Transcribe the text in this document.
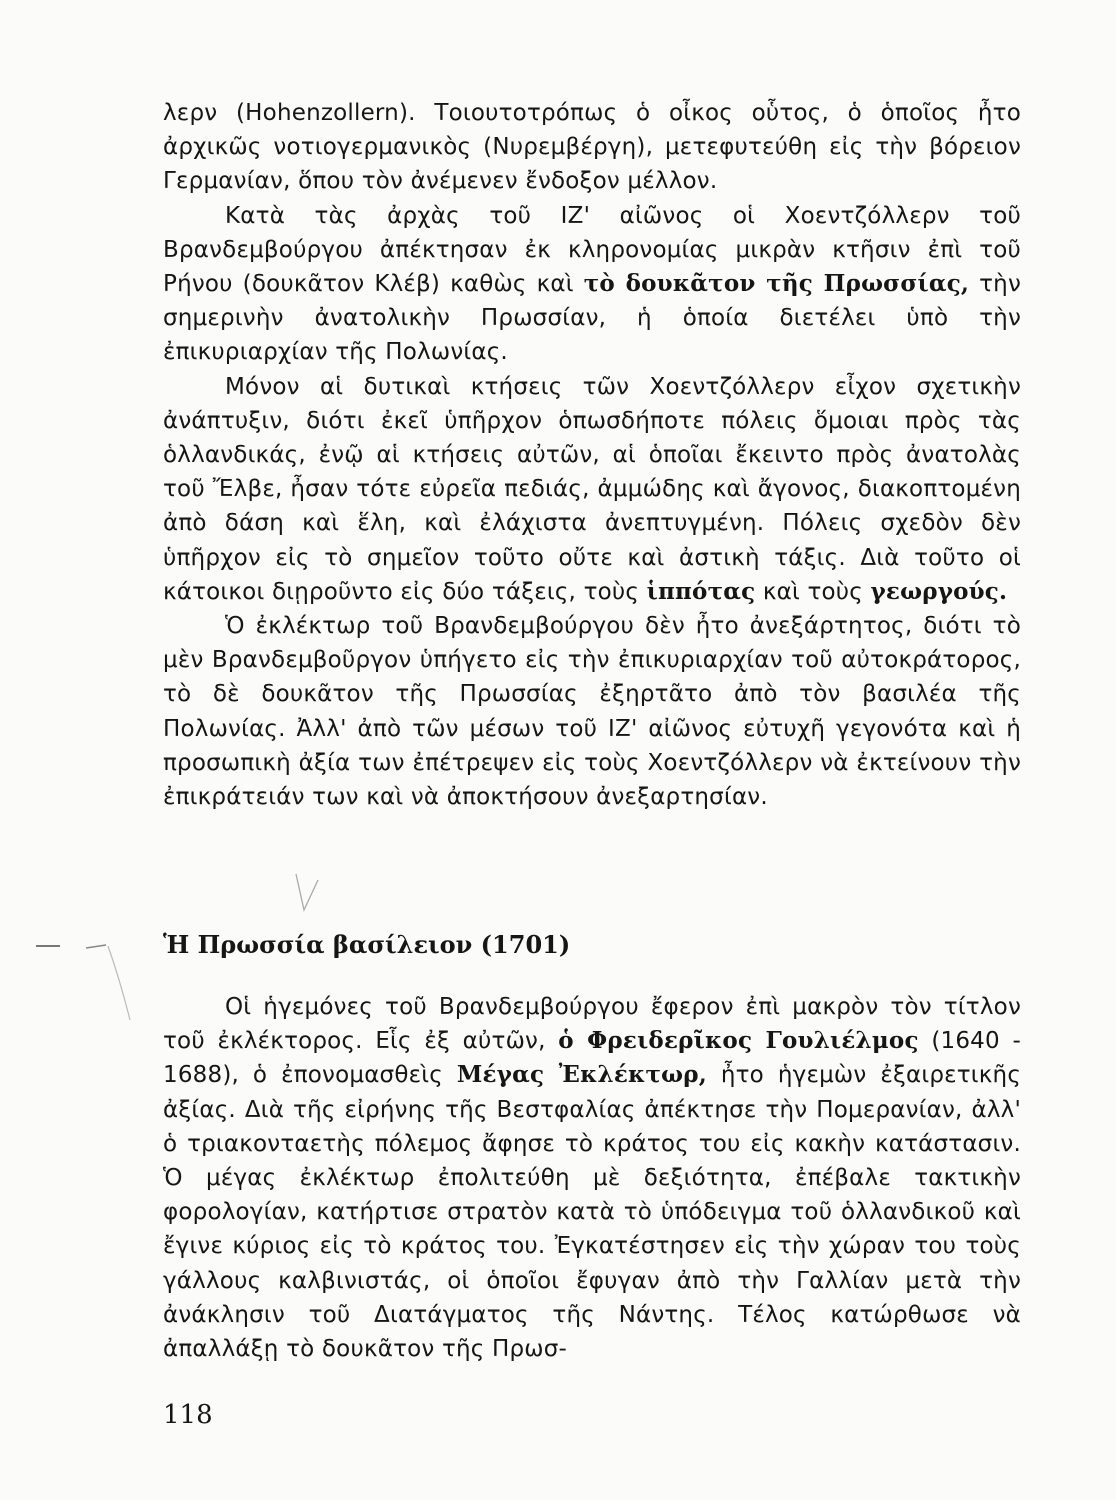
λερν (Hohenzollern). Τοιουτοτρόπως ὁ οἶκος οὗτος, ὁ ὁποῖος ἦτο ἀρχικῶς νοτιογερμανικὸς (Νυρεμβέργη), μετεφυτεύθη εἰς τὴν βόρειον Γερμανίαν, ὅπου τὸν ἀνέμενεν ἔνδοξον μέλλον.

Κατὰ τὰς ἀρχὰς τοῦ ΙΖ' αἰῶνος οἱ Χοεντζόλλερν τοῦ Βρανδεμβούργου ἀπέκτησαν ἐκ κληρονομίας μικρὰν κτῆσιν ἐπὶ τοῦ Ρήνου (δουκᾶτον Κλέβ) καθὼς καὶ τὸ δουκᾶτον τῆς Πρωσσίας, τὴν σημερινὴν ἀνατολικὴν Πρωσσίαν, ἡ ὁποία διετέλει ὑπὸ τὴν ἐπικυριαρχίαν τῆς Πολωνίας.

Μόνον αἱ δυτικαὶ κτήσεις τῶν Χοεντζόλλερν εἶχον σχετικὴν ἀνάπτυξιν, διότι ἐκεῖ ὑπῆρχον ὁπωσδήποτε πόλεις ὅμοιαι πρὸς τὰς ὁλλανδικάς, ἐνῷ αἱ κτήσεις αὐτῶν, αἱ ὁποῖαι ἔκειντο πρὸς ἀνατολὰς τοῦ Ἔλβε, ἦσαν τότε εὐρεῖα πεδιάς, ἀμμώδης καὶ ἄγονος, διακοπτομένη ἀπὸ δάση καὶ ἕλη, καὶ ἐλάχιστα ἀνεπτυγμένη. Πόλεις σχεδὸν δὲν ὑπῆρχον εἰς τὸ σημεῖον τοῦτο οὔτε καὶ ἀστικὴ τάξις. Διὰ τοῦτο οἱ κάτοικοι διῃροῦντο εἰς δύο τάξεις, τοὺς ἱππότας καὶ τοὺς γεωργούς.

Ὁ ἐκλέκτωρ τοῦ Βρανδεμβούργου δὲν ἦτο ἀνεξάρτητος, διότι τὸ μὲν Βρανδεμβοῦργον ὑπήγετο εἰς τὴν ἐπικυριαρχίαν τοῦ αὐτοκράτορος, τὸ δὲ δουκᾶτον τῆς Πρωσσίας ἐξηρτᾶτο ἀπὸ τὸν βασιλέα τῆς Πολωνίας. Ἀλλ' ἀπὸ τῶν μέσων τοῦ ΙΖ' αἰῶνος εὐτυχῆ γεγονότα καὶ ἡ προσωπικὴ ἀξία των ἐπέτρεψεν εἰς τοὺς Χοεντζόλλερν νὰ ἐκτείνουν τὴν ἐπικράτειάν των καὶ νὰ ἀποκτήσουν ἀνεξαρτησίαν.

Ἡ Πρωσσία βασίλειον (1701)

Οἱ ἡγεμόνες τοῦ Βρανδεμβούργου ἔφερον ἐπὶ μακρὸν τὸν τίτλον τοῦ ἐκλέκτορος. Εἷς ἐξ αὐτῶν, ὁ Φρειδερῖκος Γουλιέλμος (1640 - 1688), ὁ ἐπονομασθεὶς Μέγας Ἐκλέκτωρ, ἦτο ἡγεμὼν ἐξαιρετικῆς ἀξίας. Διὰ τῆς εἰρήνης τῆς Βεστφαλίας ἀπέκτησε τὴν Πομερανίαν, ἀλλ' ὁ τριακονταετὴς πόλεμος ἄφησε τὸ κράτος του εἰς κακὴν κατάστασιν. Ὁ μέγας ἐκλέκτωρ ἐπολιτεύθη μὲ δεξιότητα, ἐπέβαλε τακτικὴν φορολογίαν, κατήρτισε στρατὸν κατὰ τὸ ὑπόδειγμα τοῦ ὁλλανδικοῦ καὶ ἔγινε κύριος εἰς τὸ κράτος του. Ἐγκατέστησεν εἰς τὴν χώραν του τοὺς γάλλους καλβινιστάς, οἱ ὁποῖοι ἔφυγαν ἀπὸ τὴν Γαλλίαν μετὰ τὴν ἀνάκλησιν τοῦ Διατάγματος τῆς Νάντης. Τέλος κατώρθωσε νὰ ἀπαλλάξῃ τὸ δουκᾶτον τῆς Πρωσ-

118
